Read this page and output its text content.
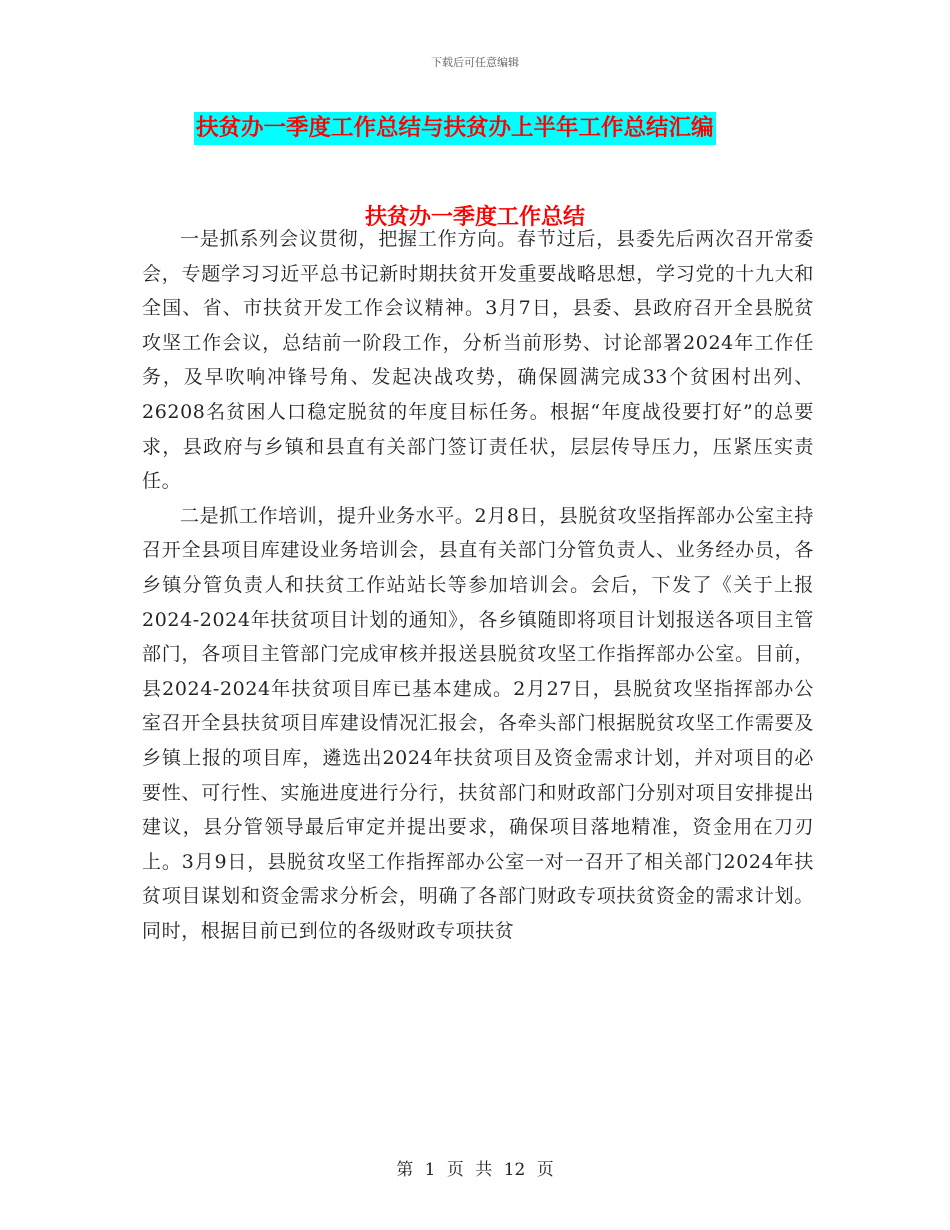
下载后可任意编辑
扶贫办一季度工作总结与扶贫办上半年工作总结汇编
扶贫办一季度工作总结

一是抓系列会议贯彻，把握工作方向。春节过后，县委先后两次召开常委会，专题学习习近平总书记新时期扶贫开发重要战略思想，学习党的十九大和全国、省、市扶贫开发工作会议精神。3月7日，县委、县政府召开全县脱贫攻坚工作会议，总结前一阶段工作，分析当前形势、讨论部署2024年工作任务，及早吹响冲锋号角、发起决战攻势，确保圆满完成33个贫困村出列、26208名贫困人口稳定脱贫的年度目标任务。根据“年度战役要打好”的总要求，县政府与乡镇和县直有关部门签订责任状，层层传导压力，压紧压实责任。

二是抓工作培训，提升业务水平。2月8日，县脱贫攻坚指挥部办公室主持召开全县项目库建设业务培训会，县直有关部门分管负责人、业务经办员，各乡镇分管负责人和扶贫工作站站长等参加培训会。会后，下发了《关于上报2024-2024年扶贫项目计划的通知》，各乡镇随即将项目计划报送各项目主管部门，各项目主管部门完成审核并报送县脱贫攻坚工作指挥部办公室。目前，县2024-2024年扶贫项目库已基本建成。2月27日，县脱贫攻坚指挥部办公室召开全县扶贫项目库建设情况汇报会，各牵头部门根据脱贫攻坚工作需要及乡镇上报的项目库，遴选出2024年扶贫项目及资金需求计划，并对项目的必要性、可行性、实施进度进行分行，扶贫部门和财政部门分别对项目安排提出建议，县分管领导最后审定并提出要求，确保项目落地精准，资金用在刀刃上。3月9日，县脱贫攻坚工作指挥部办公室一对一召开了相关部门2024年扶贫项目谋划和资金需求分析会，明确了各部门财政专项扶贫资金的需求计划。同时，根据目前已到位的各级财政专项扶贫

第 1 页 共 12 页
